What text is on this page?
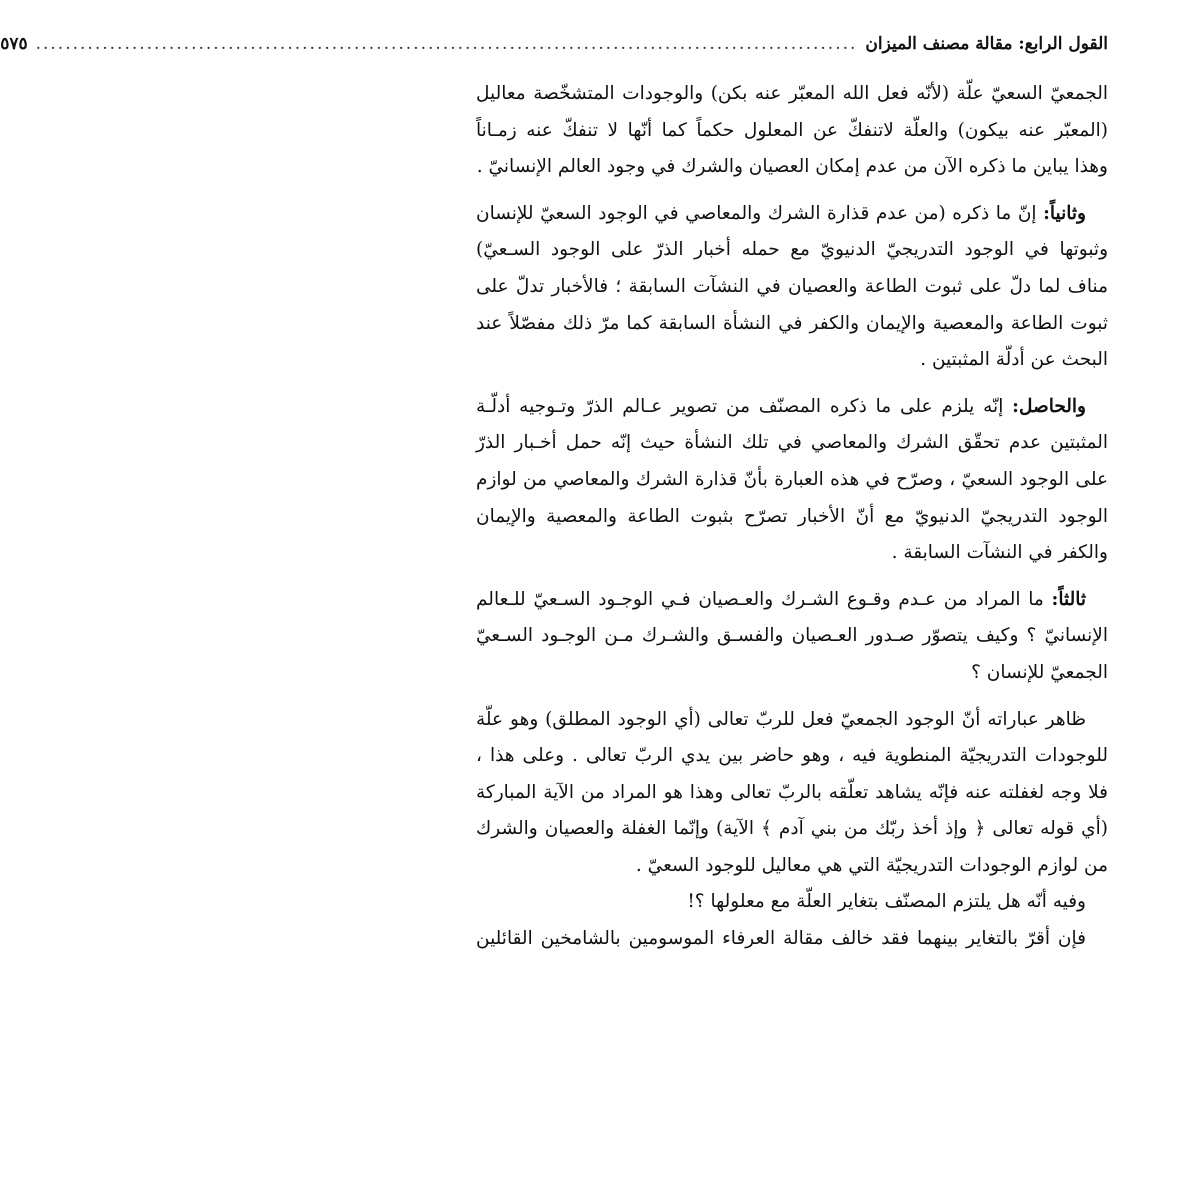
القول الرابع: مقالة مصنف الميزان
...............................................................................................................
٥٧٥
الجمعيّ السعيّ علّة (لأنّه فعل الله المعبّر عنه بكن) والوجودات المتشخّصة معاليل
(المعبّر عنه بيكون) والعلّة لاتنفكّ عن المعلول حكماً كما أنّها لا تنفكّ عنه زمـاناً
وهذا يباين ما ذكره الآن من عدم إمكان العصيان والشرك في وجود العالم الإنسانيّ .
وثانياً: إنّ ما ذكره (من عدم قذارة الشرك والمعاصي في الوجود السعيّ للإنسان
وثبوتها في الوجود التدريجيّ الدنيويّ مع حمله أخبار الذرّ على الوجود السـعيّ)
مناف لما دلّ على ثبوت الطاعة والعصيان في النشآت السابقة ؛ فالأخبار تدلّ على
ثبوت الطاعة والمعصية والإيمان والكفر في النشأة السابقة كما مرّ ذلك مفصّلاً عند
البحث عن أدلّة المثبتين .
والحاصل: إنّه يلزم على ما ذكره المصنّف من تصوير عـالم الذرّ وتـوجيه أدلّـة
المثبتين عدم تحقّق الشرك والمعاصي في تلك النشأة حيث إنّه حمل أخـبار الذرّ
على الوجود السعيّ ، وصرّح في هذه العبارة بأنّ قذارة الشرك والمعاصي من لوازم
الوجود التدريجيّ الدنيويّ مع أنّ الأخبار تصرّح بثبوت الطاعة والمعصية والإيمان
والكفر في النشآت السابقة .
ثالثاً: ما المراد من عـدم وقـوع الشـرك والعـصيان فـي الوجـود السـعيّ للـعالم
الإنسانيّ ؟ وكيف يتصوّر صـدور العـصيان والفسـق والشـرك مـن الوجـود السـعيّ
الجمعيّ للإنسان ؟
ظاهر عباراته أنّ الوجود الجمعيّ فعل للربّ تعالى (أي الوجود المطلق) وهو علّة
للوجودات التدريجيّة المنطوية فيه ، وهو حاضر بين يدي الربّ تعالى . وعلى هذا ،
فلا وجه لغفلته عنه فإنّه يشاهد تعلّقه بالربّ تعالى وهذا هو المراد من الآية المباركة
(أي قوله تعالى ﴿ وإذ أخذ ربّك من بني آدم ﴾ الآية) وإنّما الغفلة والعصيان والشرك
من لوازم الوجودات التدريجيّة التي هي معاليل للوجود السعيّ .
وفيه أنّه هل يلتزم المصنّف بتغاير العلّة مع معلولها ؟!
فإن أقرّ بالتغاير بينهما فقد خالف مقالة العرفاء الموسومين بالشامخين القائلين
